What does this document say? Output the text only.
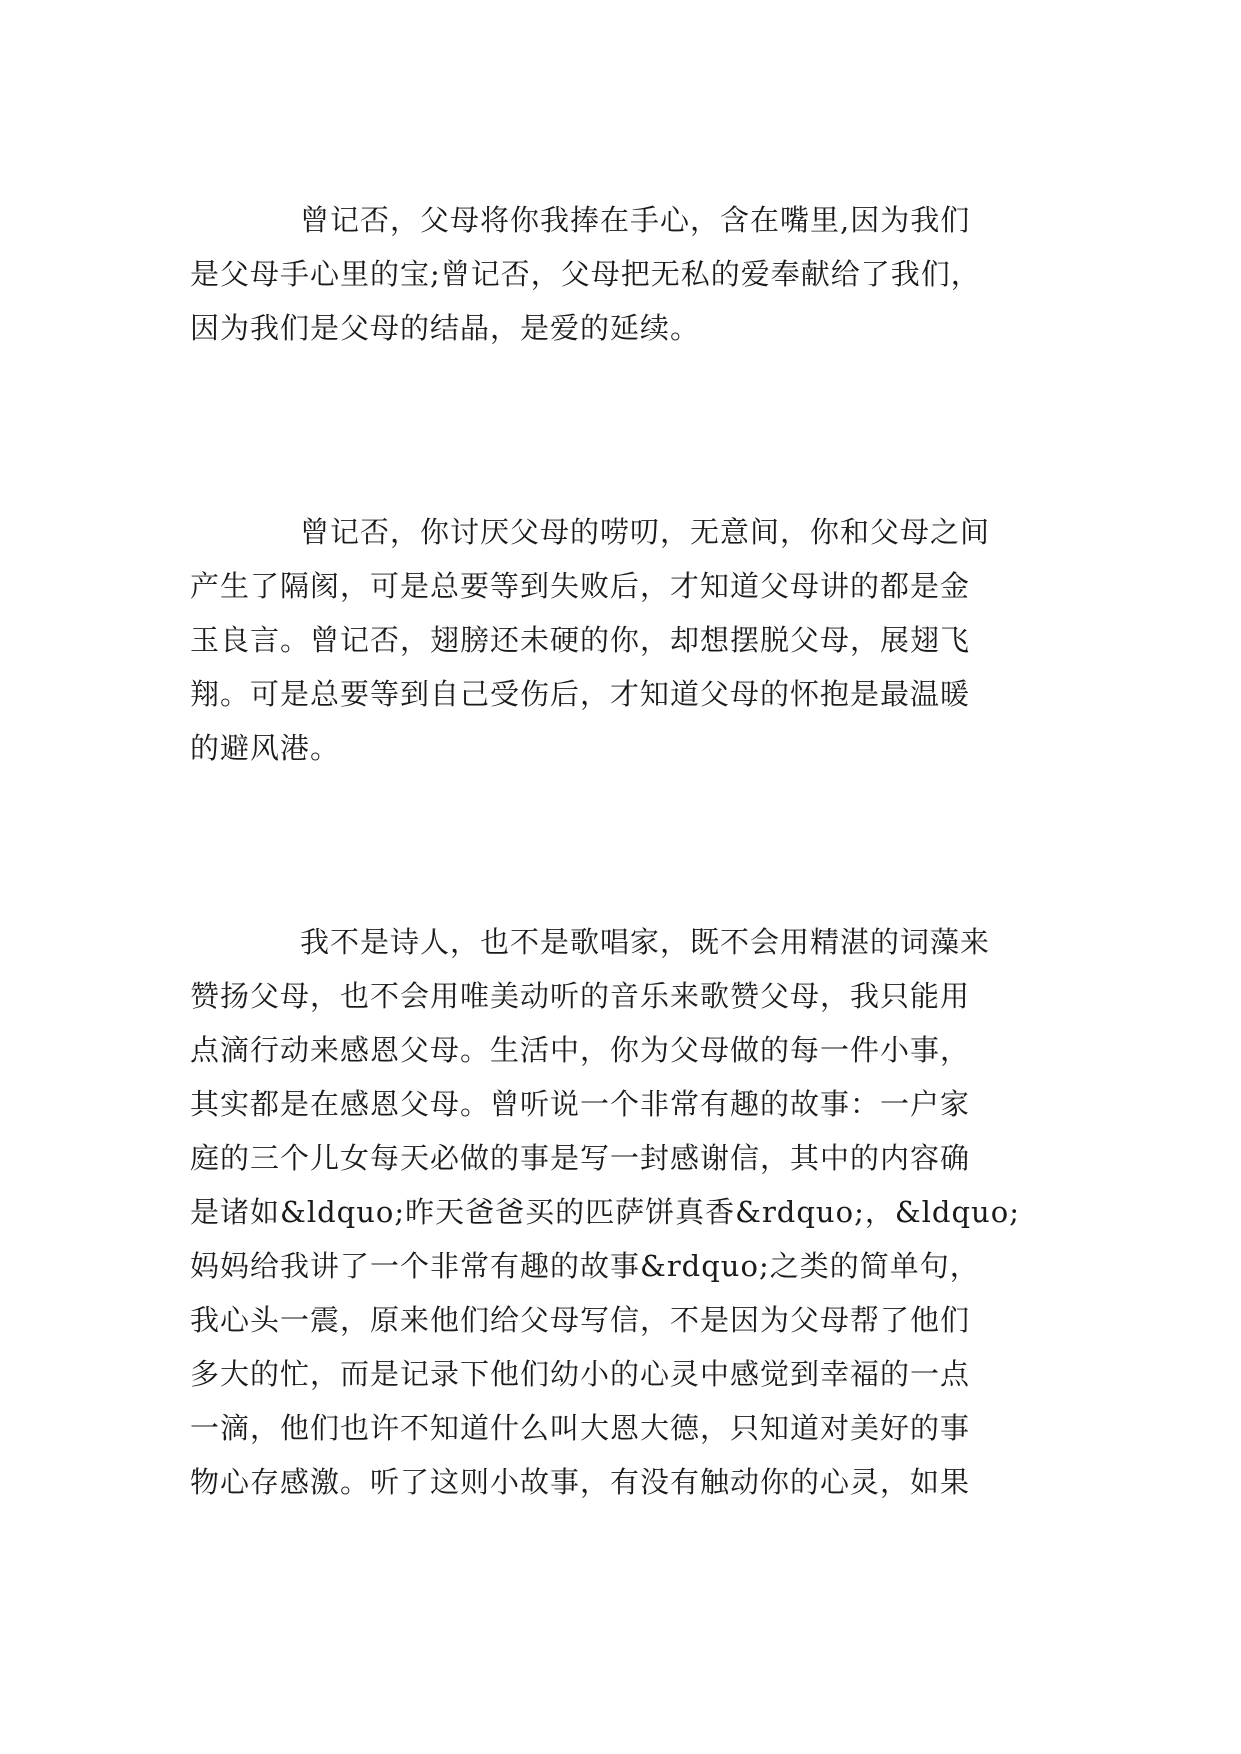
曾记否，父母将你我捧在手心，含在嘴里,因为我们

是父母手心里的宝;曾记否，父母把无私的爱奉献给了我们，

因为我们是父母的结晶，是爱的延续。

曾记否，你讨厌父母的唠叨，无意间，你和父母之间

产生了隔阂，可是总要等到失败后，才知道父母讲的都是金

玉良言。曾记否，翅膀还未硬的你，却想摆脱父母，展翅飞

翔。可是总要等到自己受伤后，才知道父母的怀抱是最温暖

的避风港。

我不是诗人，也不是歌唱家，既不会用精湛的词藻来

赞扬父母，也不会用唯美动听的音乐来歌赞父母，我只能用

点滴行动来感恩父母。生活中，你为父母做的每一件小事，

其实都是在感恩父母。曾听说一个非常有趣的故事：一户家

庭的三个儿女每天必做的事是写一封感谢信，其中的内容确

是诸如&ldquo;昨天爸爸买的匹萨饼真香&rdquo;，&ldquo;

妈妈给我讲了一个非常有趣的故事&rdquo;之类的简单句，

我心头一震，原来他们给父母写信，不是因为父母帮了他们

多大的忙，而是记录下他们幼小的心灵中感觉到幸福的一点

一滴，他们也许不知道什么叫大恩大德，只知道对美好的事

物心存感激。听了这则小故事，有没有触动你的心灵，如果
